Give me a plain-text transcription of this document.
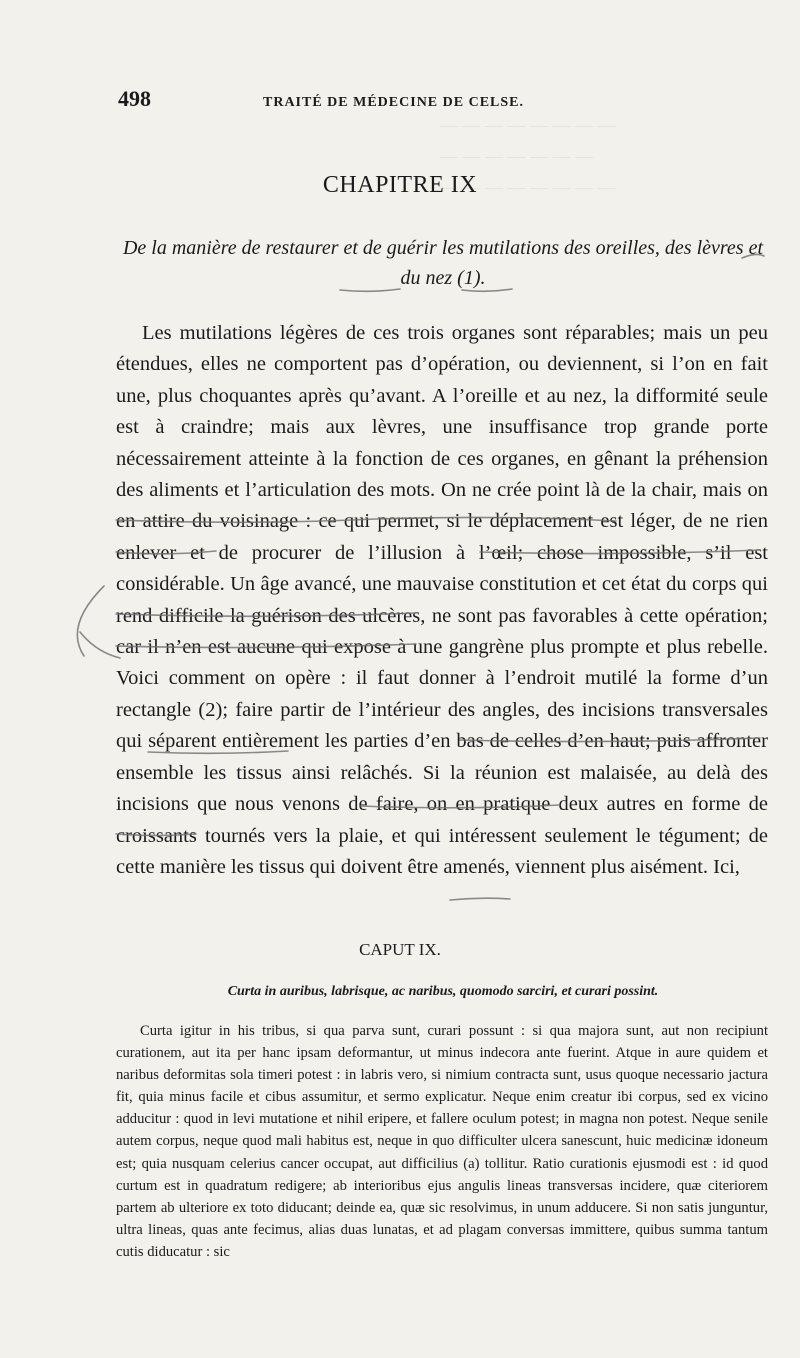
— — — — — — — —
— — — — — — —
— — — — — — — —
498	TRAITÉ DE MÉDECINE DE CELSE.
CHAPITRE IX
De la manière de restaurer et de guérir les mutilations des oreilles, des lèvres et du nez (1).

Les mutilations légères de ces trois organes sont réparables; mais un peu étendues, elles ne comportent pas d’opération, ou deviennent, si l’on en fait une, plus choquantes après qu’avant. A l’oreille et au nez, la difformité seule est à craindre; mais aux lèvres, une insuffisance trop grande porte nécessairement atteinte à la fonction de ces organes, en gênant la préhension des aliments et l’articulation des mots. On ne crée point là de la chair, mais on en attire du voisinage : ce qui permet, si le déplacement est léger, de ne rien enlever et de procurer de l’illusion à l’œil; chose impossible, s’il est considérable. Un âge avancé, une mauvaise constitution et cet état du corps qui rend difficile la guérison des ulcères, ne sont pas favorables à cette opération; car il n’en est aucune qui expose à une gangrène plus prompte et plus rebelle. Voici comment on opère : il faut donner à l’endroit mutilé la forme d’un rectangle (2); faire partir de l’intérieur des angles, des incisions transversales qui séparent entièrement les parties d’en bas de celles d’en haut; puis affronter ensemble les tissus ainsi relâchés. Si la réunion est malaisée, au delà des incisions que nous venons de faire, on en pratique deux autres en forme de croissants tournés vers la plaie, et qui intéressent seulement le tégument; de cette manière les tissus qui doivent être amenés, viennent plus aisément. Ici,

CAPUT IX.
Curta in auribus, labrisque, ac naribus, quomodo sarciri, et curari possint.

Curta igitur in his tribus, si qua parva sunt, curari possunt : si qua majora sunt, aut non recipiunt curationem, aut ita per hanc ipsam deformantur, ut minus indecora ante fuerint. Atque in aure quidem et naribus deformitas sola timeri potest : in labris vero, si nimium contracta sunt, usus quoque necessario jactura fit, quia minus facile et cibus assumitur, et sermo explicatur. Neque enim creatur ibi corpus, sed ex vicino adducitur : quod in levi mutatione et nihil eripere, et fallere oculum potest; in magna non potest. Neque senile autem corpus, neque quod mali habitus est, neque in quo difficulter ulcera sanescunt, huic medicinæ idoneum est; quia nusquam celerius cancer occupat, aut difficilius (a) tollitur. Ratio curationis ejusmodi est : id quod curtum est in quadratum redigere; ab interioribus ejus angulis lineas transversas incidere, quæ citeriorem partem ab ulteriore ex toto diducant; deinde ea, quæ sic resolvimus, in unum adducere. Si non satis junguntur, ultra lineas, quas ante fecimus, alias duas lunatas, et ad plagam conversas immittere, quibus summa tantum cutis diducatur : sic
